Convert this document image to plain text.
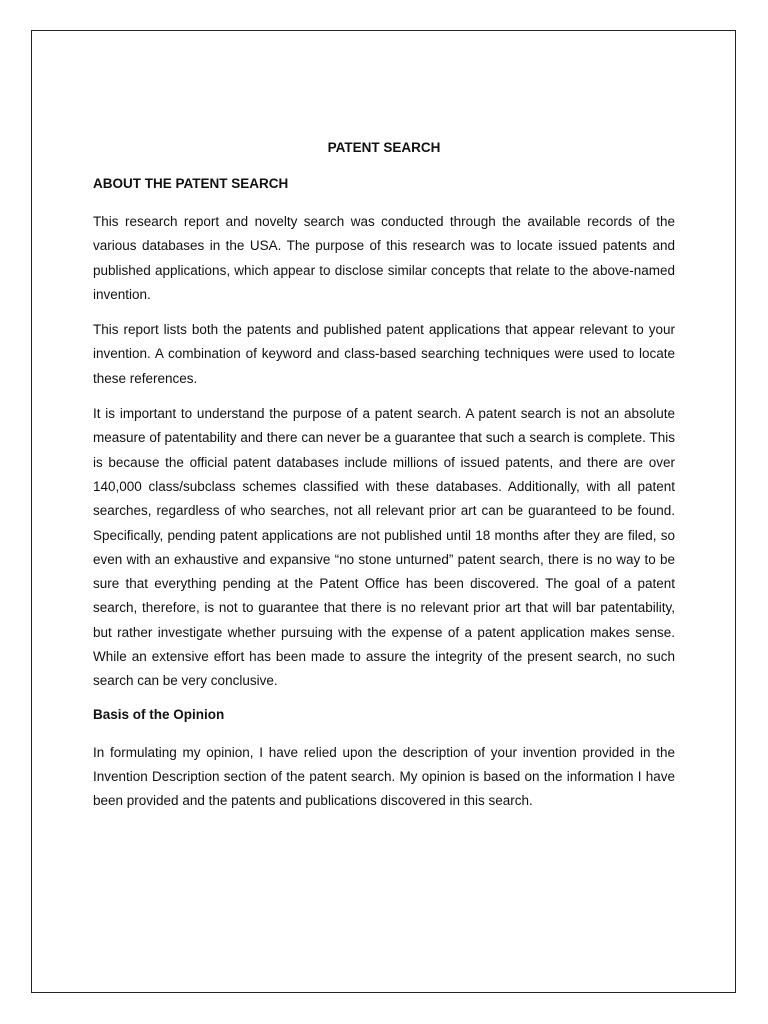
PATENT SEARCH
ABOUT THE PATENT SEARCH

This research report and novelty search was conducted through the available records of the various databases in the USA. The purpose of this research was to locate issued patents and published applications, which appear to disclose similar concepts that relate to the above-named invention.

This report lists both the patents and published patent applications that appear relevant to your invention. A combination of keyword and class-based searching techniques were used to locate these references.

It is important to understand the purpose of a patent search. A patent search is not an absolute measure of patentability and there can never be a guarantee that such a search is complete. This is because the official patent databases include millions of issued patents, and there are over 140,000 class/subclass schemes classified with these databases. Additionally, with all patent searches, regardless of who searches, not all relevant prior art can be guaranteed to be found. Specifically, pending patent applications are not published until 18 months after they are filed, so even with an exhaustive and expansive “no stone unturned” patent search, there is no way to be sure that everything pending at the Patent Office has been discovered. The goal of a patent search, therefore, is not to guarantee that there is no relevant prior art that will bar patentability, but rather investigate whether pursuing with the expense of a patent application makes sense. While an extensive effort has been made to assure the integrity of the present search, no such search can be very conclusive.

Basis of the Opinion

In formulating my opinion, I have relied upon the description of your invention provided in the Invention Description section of the patent search. My opinion is based on the information I have been provided and the patents and publications discovered in this search.
